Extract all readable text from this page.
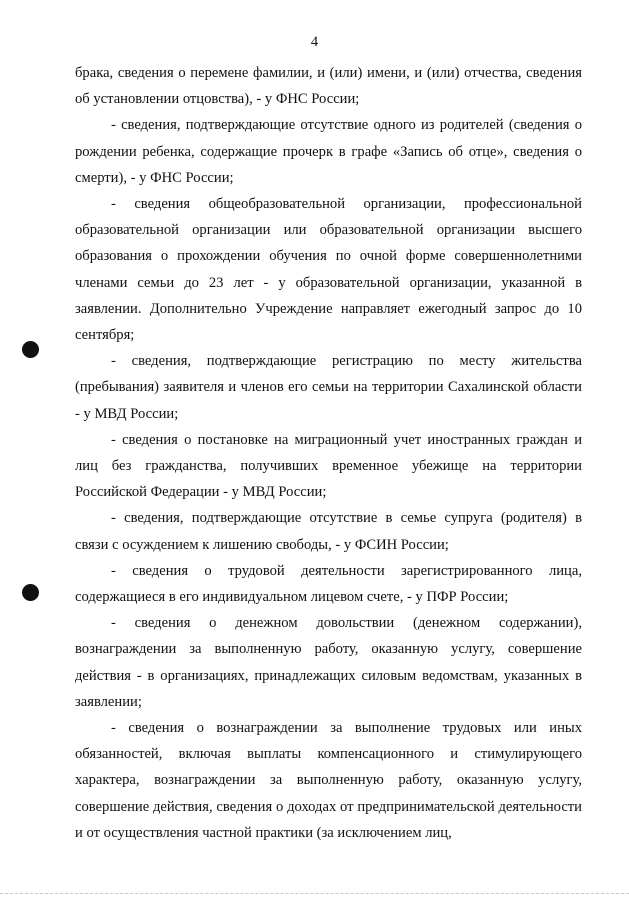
4

брака, сведения о перемене фамилии, и (или) имени, и (или) отчества, сведения об установлении отцовства), - у ФНС России;

- сведения, подтверждающие отсутствие одного из родителей (сведения о рождении ребенка, содержащие прочерк в графе «Запись об отце», сведения о смерти), - у ФНС России;

- сведения общеобразовательной организации, профессиональной образовательной организации или образовательной организации высшего образования о прохождении обучения по очной форме совершеннолетними членами семьи до 23 лет - у образовательной организации, указанной в заявлении. Дополнительно Учреждение направляет ежегодный запрос до 10 сентября;

- сведения, подтверждающие регистрацию по месту жительства (пребывания) заявителя и членов его семьи на территории Сахалинской области - у МВД России;

- сведения о постановке на миграционный учет иностранных граждан и лиц без гражданства, получивших временное убежище на территории Российской Федерации - у МВД России;

- сведения, подтверждающие отсутствие в семье супруга (родителя) в связи с осуждением к лишению свободы, - у ФСИН России;

- сведения о трудовой деятельности зарегистрированного лица, содержащиеся в его индивидуальном лицевом счете, - у ПФР России;

- сведения о денежном довольствии (денежном содержании), вознаграждении за выполненную работу, оказанную услугу, совершение действия - в организациях, принадлежащих силовым ведомствам, указанных в заявлении;

- сведения о вознаграждении за выполнение трудовых или иных обязанностей, включая выплаты компенсационного и стимулирующего характера, вознаграждении за выполненную работу, оказанную услугу, совершение действия, сведения о доходах от предпринимательской деятельности и от осуществления частной практики (за исключением лиц,
